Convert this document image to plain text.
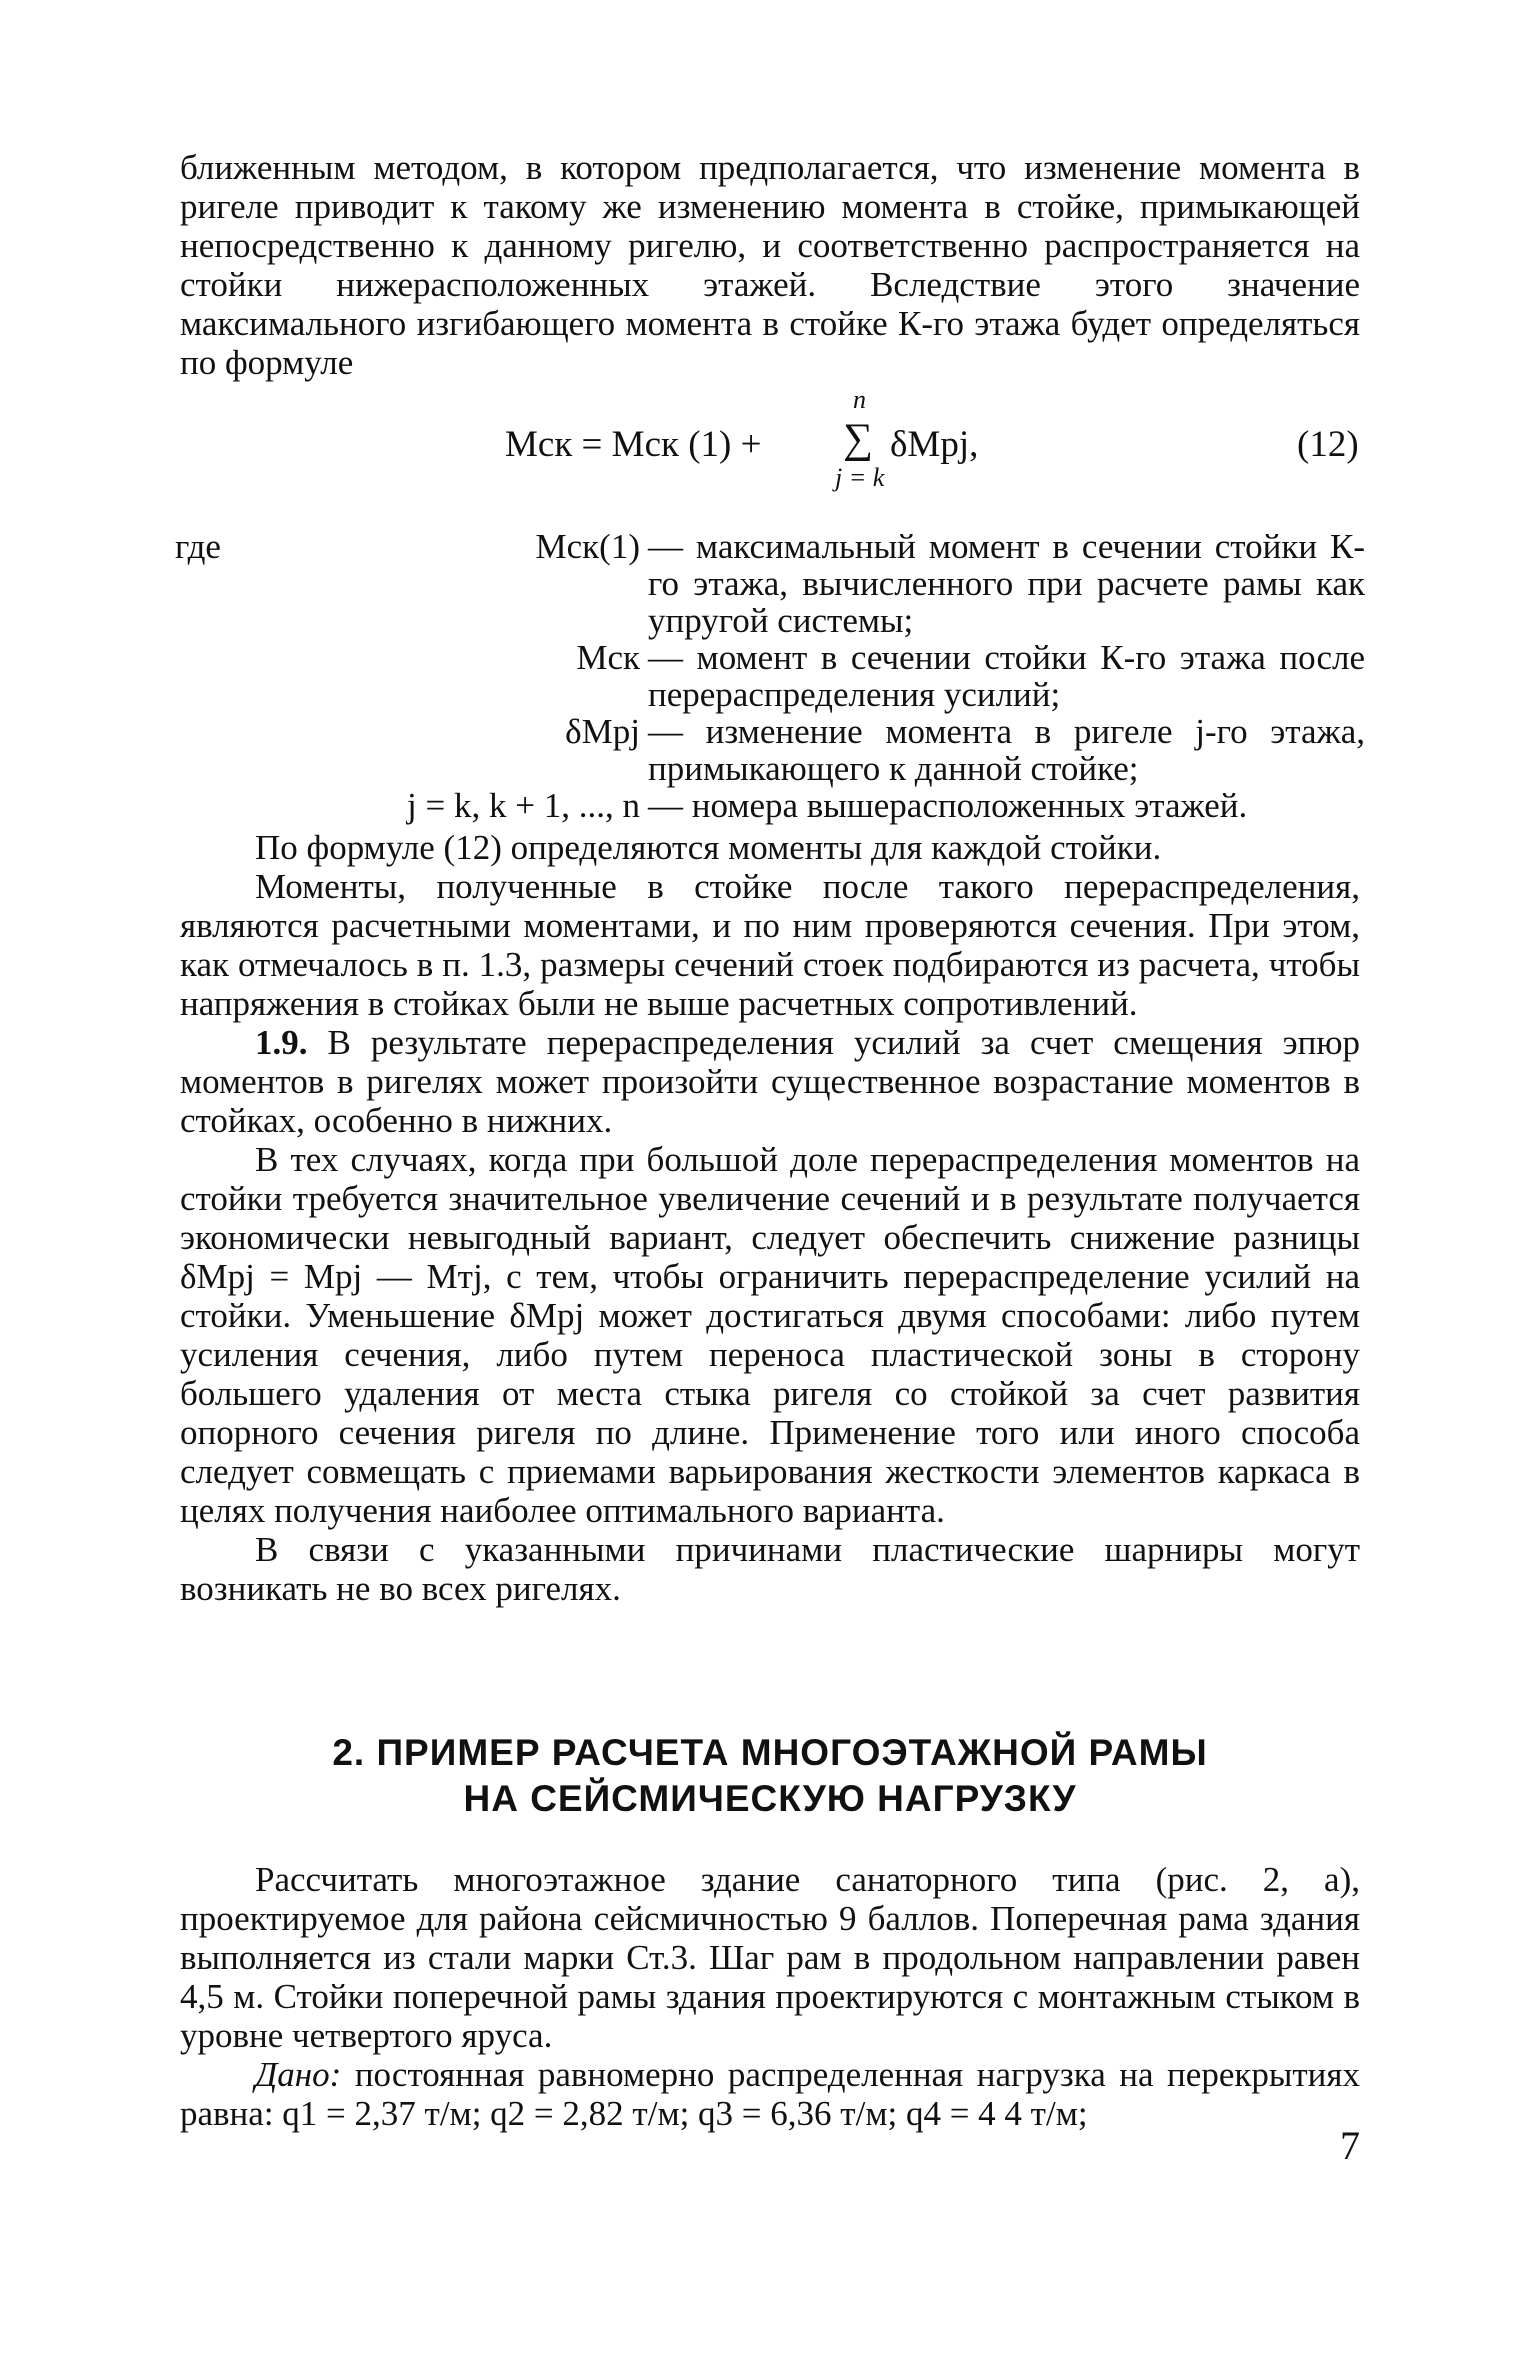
ближенным методом, в котором предполагается, что изменение момента в ригеле приводит к такому же изменению момента в стойке, примыкающей непосредственно к данному ригелю, и соответственно распространяется на стойки нижерасположенных этажей. Вследствие этого значение максимального изгибающего момента в стойке К-го этажа будет определяться по формуле

Mск = Mск (1) +
n
∑
j = k
δMpj,	(12)
где	Mск(1) — максимальный момент в сечении стойки К-го этажа, вычисленного при расчете рамы как упругой системы;
Mск — момент в сечении стойки К-го этажа после перераспределения усилий;
δMpj — изменение момента в ригеле j-го этажа, примыкающего к данной стойке;
j = k, k + 1, ..., n — номера вышерасположенных этажей.

По формуле (12) определяются моменты для каждой стойки.

Моменты, полученные в стойке после такого перераспределения, являются расчетными моментами, и по ним проверяются сечения. При этом, как отмечалось в п. 1.3, размеры сечений стоек подбираются из расчета, чтобы напряжения в стойках были не выше расчетных сопротивлений.

1.9. В результате перераспределения усилий за счет смещения эпюр моментов в ригелях может произойти существенное возрастание моментов в стойках, особенно в нижних.

В тех случаях, когда при большой доле перераспределения моментов на стойки требуется значительное увеличение сечений и в результате получается экономически невыгодный вариант, следует обеспечить снижение разницы δMpj = Mpj — Mтj, с тем, чтобы ограничить перераспределение усилий на стойки. Уменьшение δMpj может достигаться двумя способами: либо путем усиления сечения, либо путем переноса пластической зоны в сторону большего удаления от места стыка ригеля со стойкой за счет развития опорного сечения ригеля по длине. Применение того или иного способа следует совмещать с приемами варьирования жесткости элементов каркаса в целях получения наиболее оптимального варианта.

В связи с указанными причинами пластические шарниры могут возникать не во всех ригелях.

2. ПРИМЕР РАСЧЕТА МНОГОЭТАЖНОЙ РАМЫ
НА СЕЙСМИЧЕСКУЮ НАГРУЗКУ

Рассчитать многоэтажное здание санаторного типа (рис. 2, а), проектируемое для района сейсмичностью 9 баллов. Поперечная рама здания выполняется из стали марки Ст.3. Шаг рам в продольном направлении равен 4,5 м. Стойки поперечной рамы здания проектируются с монтажным стыком в уровне четвертого яруса.

Дано: постоянная равномерно распределенная нагрузка на перекрытиях равна: q1 = 2,37 т/м; q2 = 2,82 т/м; q3 = 6,36 т/м; q4 = 4 4 т/м;

7
